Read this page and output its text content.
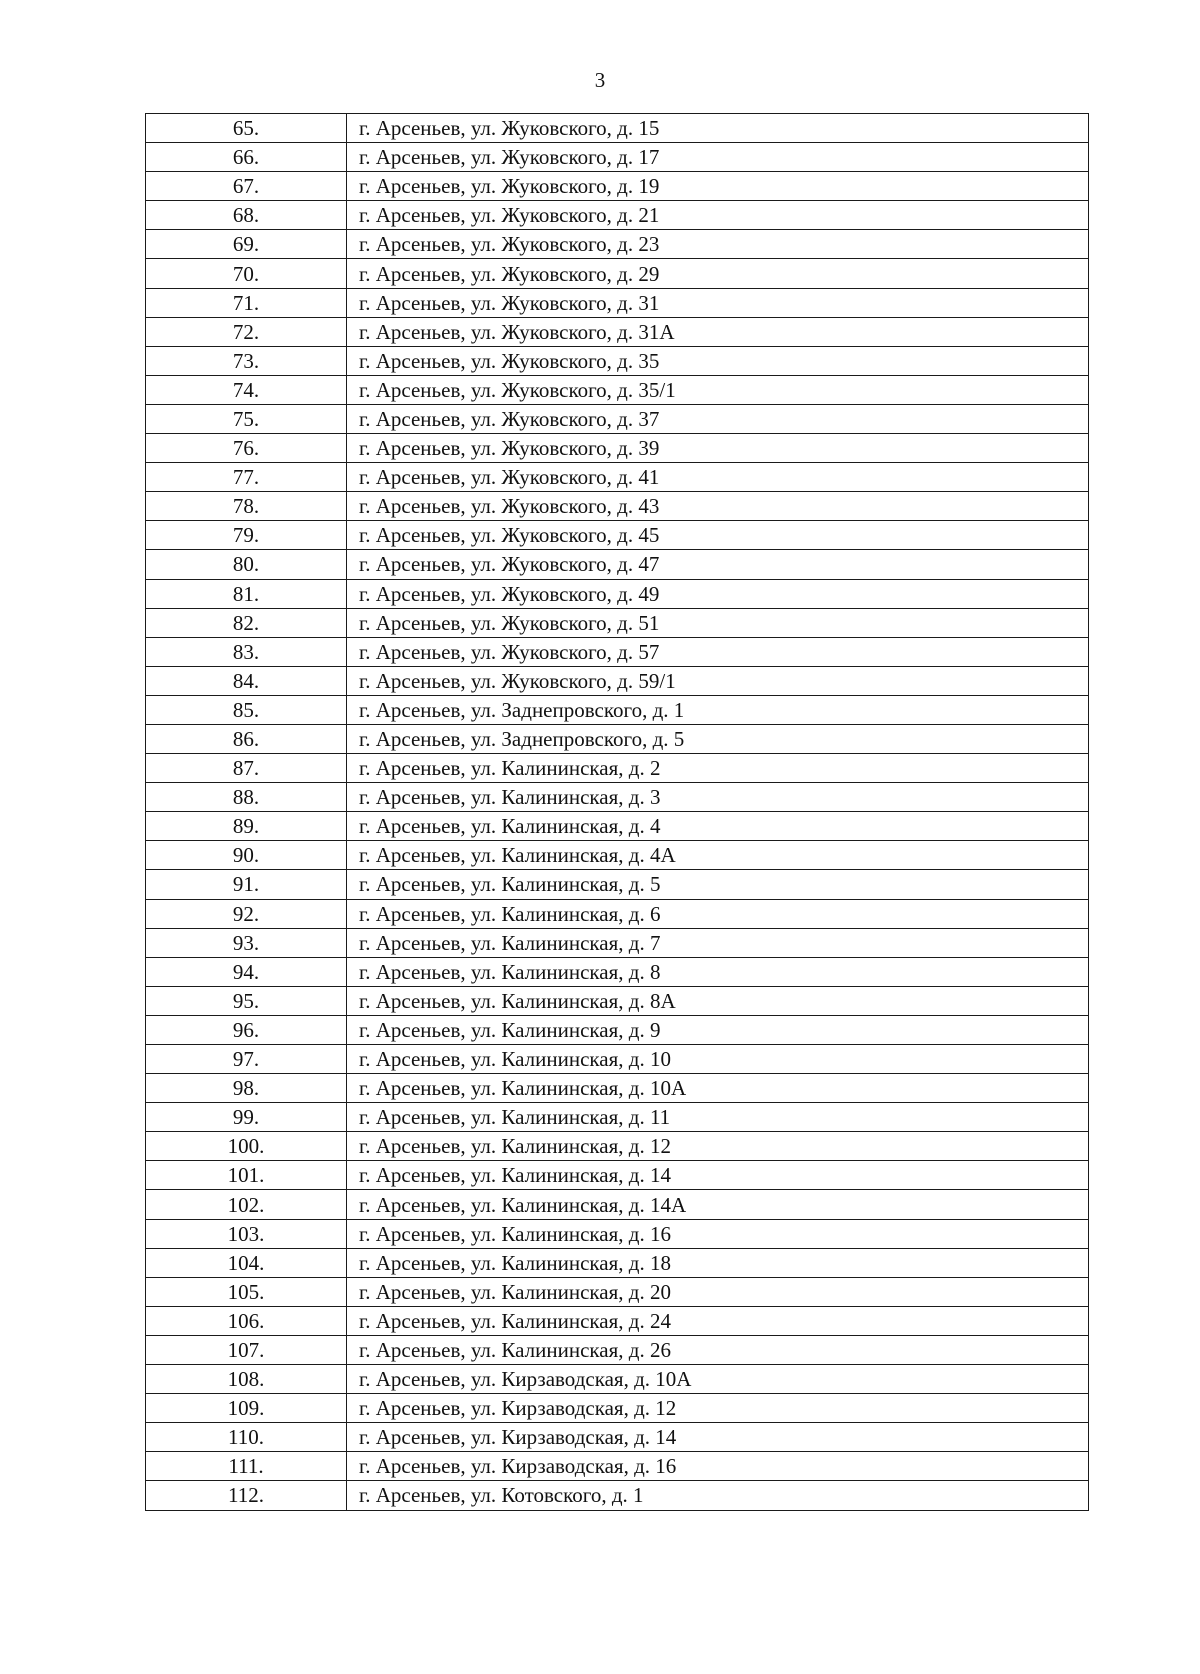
3
65.	г. Арсеньев, ул. Жуковского, д. 15
66.	г. Арсеньев, ул. Жуковского, д. 17
67.	г. Арсеньев, ул. Жуковского, д. 19
68.	г. Арсеньев, ул. Жуковского, д. 21
69.	г. Арсеньев, ул. Жуковского, д. 23
70.	г. Арсеньев, ул. Жуковского, д. 29
71.	г. Арсеньев, ул. Жуковского, д. 31
72.	г. Арсеньев, ул. Жуковского, д. 31А
73.	г. Арсеньев, ул. Жуковского, д. 35
74.	г. Арсеньев, ул. Жуковского, д. 35/1
75.	г. Арсеньев, ул. Жуковского, д. 37
76.	г. Арсеньев, ул. Жуковского, д. 39
77.	г. Арсеньев, ул. Жуковского, д. 41
78.	г. Арсеньев, ул. Жуковского, д. 43
79.	г. Арсеньев, ул. Жуковского, д. 45
80.	г. Арсеньев, ул. Жуковского, д. 47
81.	г. Арсеньев, ул. Жуковского, д. 49
82.	г. Арсеньев, ул. Жуковского, д. 51
83.	г. Арсеньев, ул. Жуковского, д. 57
84.	г. Арсеньев, ул. Жуковского, д. 59/1
85.	г. Арсеньев, ул. Заднепровского, д. 1
86.	г. Арсеньев, ул. Заднепровского, д. 5
87.	г. Арсеньев, ул. Калининская, д. 2
88.	г. Арсеньев, ул. Калининская, д. 3
89.	г. Арсеньев, ул. Калининская, д. 4
90.	г. Арсеньев, ул. Калининская, д. 4А
91.	г. Арсеньев, ул. Калининская, д. 5
92.	г. Арсеньев, ул. Калининская, д. 6
93.	г. Арсеньев, ул. Калининская, д. 7
94.	г. Арсеньев, ул. Калининская, д. 8
95.	г. Арсеньев, ул. Калининская, д. 8А
96.	г. Арсеньев, ул. Калининская, д. 9
97.	г. Арсеньев, ул. Калининская, д. 10
98.	г. Арсеньев, ул. Калининская, д. 10А
99.	г. Арсеньев, ул. Калининская, д. 11
100.	г. Арсеньев, ул. Калининская, д. 12
101.	г. Арсеньев, ул. Калининская, д. 14
102.	г. Арсеньев, ул. Калининская, д. 14А
103.	г. Арсеньев, ул. Калининская, д. 16
104.	г. Арсеньев, ул. Калининская, д. 18
105.	г. Арсеньев, ул. Калининская, д. 20
106.	г. Арсеньев, ул. Калининская, д. 24
107.	г. Арсеньев, ул. Калининская, д. 26
108.	г. Арсеньев, ул. Кирзаводская, д. 10А
109.	г. Арсеньев, ул. Кирзаводская, д. 12
110.	г. Арсеньев, ул. Кирзаводская, д. 14
111.	г. Арсеньев, ул. Кирзаводская, д. 16
112.	г. Арсеньев, ул. Котовского, д. 1
